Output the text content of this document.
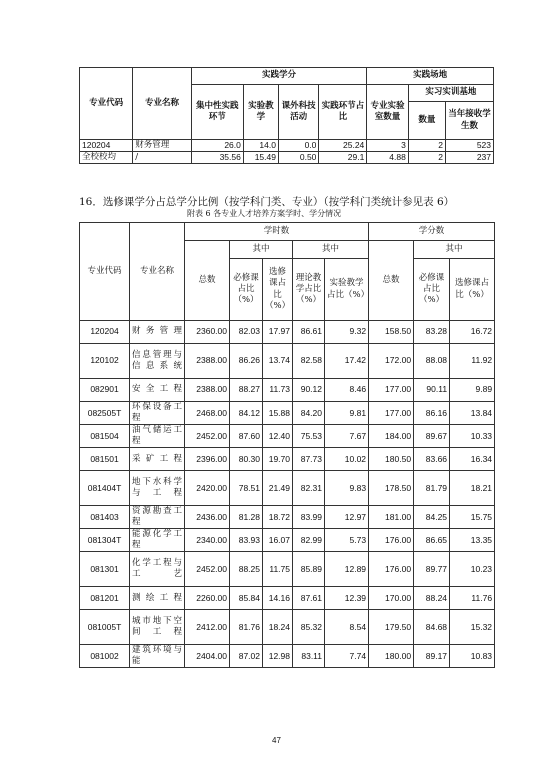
专业代码	专业名称	实践学分				实践场地		
		集中性实践环节	实验教学	课外科技活动	实践环节占比	专业实验室数量	实习实训基地	
							数量	当年接收学生数
120204	财务管理	26.0	14.0	0.0	25.24	3	2	523
全校校均	/	35.56	15.49	0.50	29.1	4.88	2	237
16．选修课学分占总学分比例（按学科门类、专业）（按学科门类统计参见表 6）
附表 6 各专业人才培养方案学时、学分情况
专业代码	专业名称	学时数					学分数		
		总数	其中		其中		总数	其中	
			必修课占比（%）	选修课占比（%）	理论教学占比（%）	实验教学占比（%）		必修课占比（%）	选修课占比（%）
120204	财务管理	2360.00	82.03	17.97	86.61	9.32	158.50	83.28	16.72
120102	信息管理与信息系统	2388.00	86.26	13.74	82.58	17.42	172.00	88.08	11.92
082901	安全工程	2388.00	88.27	11.73	90.12	8.46	177.00	90.11	9.89
082505T	环保设备工程	2468.00	84.12	15.88	84.20	9.81	177.00	86.16	13.84
081504	油气储运工程	2452.00	87.60	12.40	75.53	7.67	184.00	89.67	10.33
081501	采矿工程	2396.00	80.30	19.70	87.73	10.02	180.50	83.66	16.34
081404T	地下水科学与工程	2420.00	78.51	21.49	82.31	9.83	178.50	81.79	18.21
081403	资源勘查工程	2436.00	81.28	18.72	83.99	12.97	181.00	84.25	15.75
081304T	能源化学工程	2340.00	83.93	16.07	82.99	5.73	176.00	86.65	13.35
081301	化学工程与工艺	2452.00	88.25	11.75	85.89	12.89	176.00	89.77	10.23
081201	测绘工程	2260.00	85.84	14.16	87.61	12.39	170.00	88.24	11.76
081005T	城市地下空间工程	2412.00	81.76	18.24	85.32	8.54	179.50	84.68	15.32
081002	建筑环境与能	2404.00	87.02	12.98	83.11	7.74	180.00	89.17	10.83
47
